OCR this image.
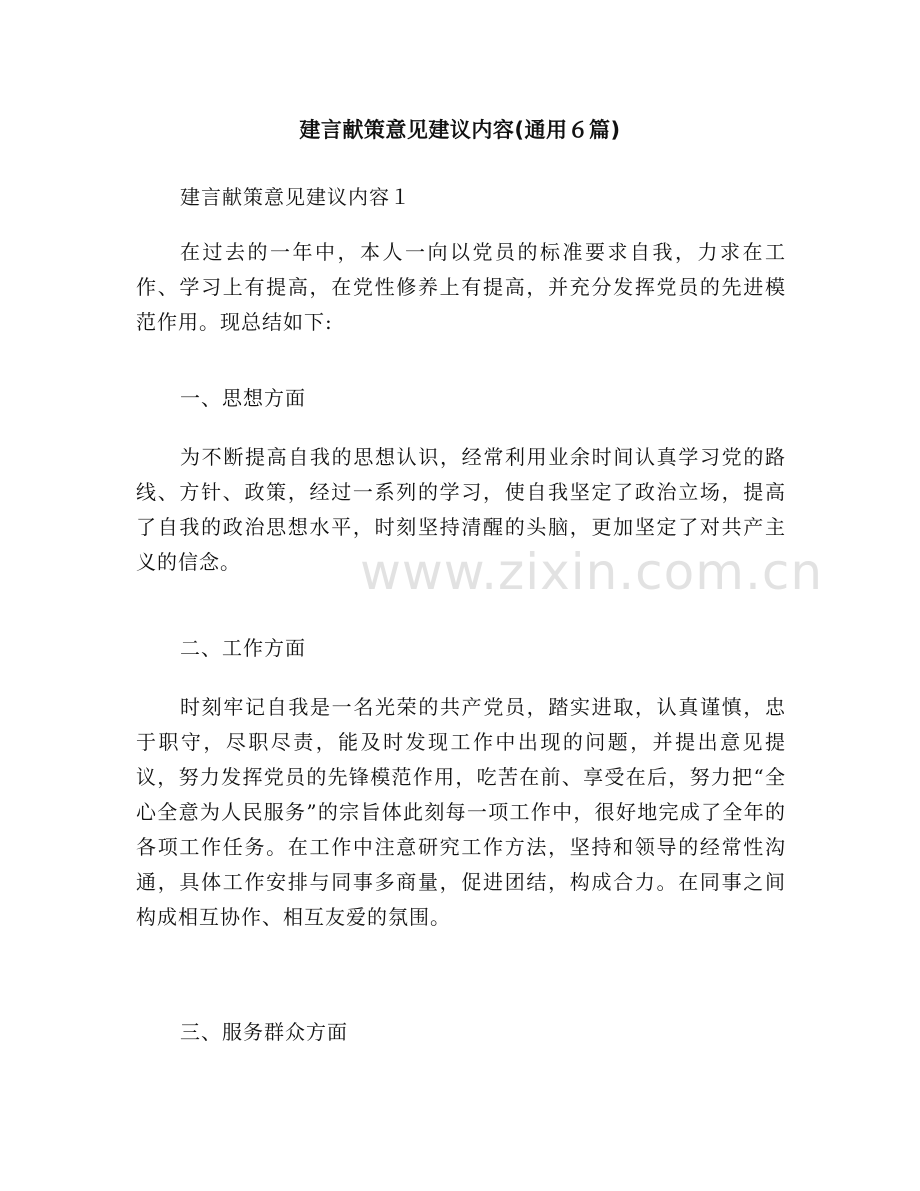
建言献策意见建议内容(通用６篇)
建言献策意见建议内容１
在过去的一年中，本人一向以党员的标准要求自我，力求在工作、学习上有提高，在党性修养上有提高，并充分发挥党员的先进模范作用。现总结如下:
一、思想方面
为不断提高自我的思想认识，经常利用业余时间认真学习党的路线、方针、政策，经过一系列的学习，使自我坚定了政治立场，提高了自我的政治思想水平，时刻坚持清醒的头脑，更加坚定了对共产主义的信念。
二、工作方面
时刻牢记自我是一名光荣的共产党员，踏实进取，认真谨慎，忠于职守，尽职尽责，能及时发现工作中出现的问题，并提出意见提议，努力发挥党员的先锋模范作用，吃苦在前、享受在后，努力把“全心全意为人民服务”的宗旨体此刻每一项工作中，很好地完成了全年的各项工作任务。在工作中注意研究工作方法，坚持和领导的经常性沟通，具体工作安排与同事多商量，促进团结，构成合力。在同事之间构成相互协作、相互友爱的氛围。
三、服务群众方面
www.zixin.com.cn
